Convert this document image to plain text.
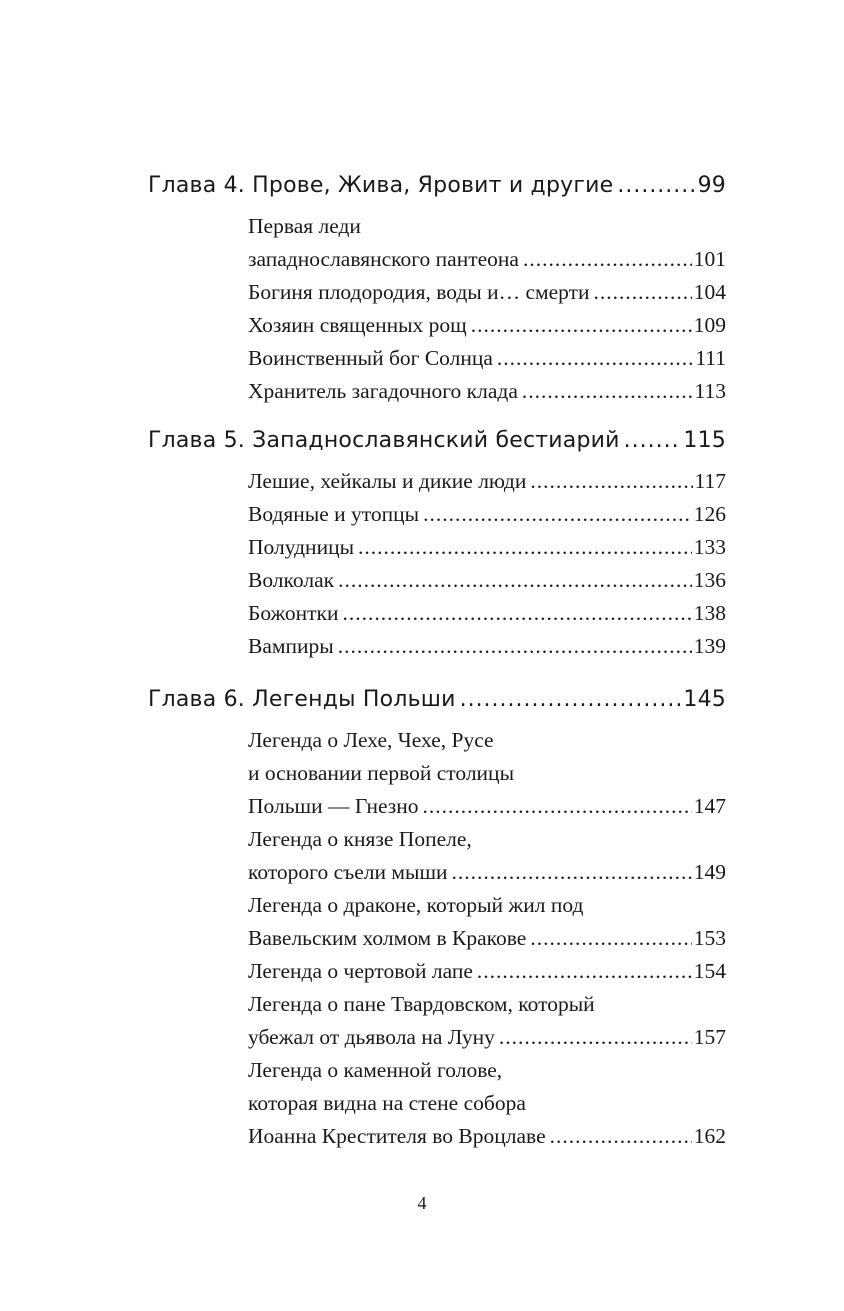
Глава 4. Прове, Жива, Яровит и другие .....	99
Первая леди
западнославянского пантеона .....	101
Богиня плодородия, воды и… смерти .....	104
Хозяин священных рощ .....	109
Воинственный бог Солнца .....	111
Хранитель загадочного клада .....	113
Глава 5. Западнославянский бестиарий .....	115
Лешие, хейкалы и дикие люди .....	117
Водяные и утопцы .....	126
Полудницы .....	133
Волколак .....	136
Божонтки .....	138
Вампиры .....	139
Глава 6. Легенды Польши .....	145
Легенда о Лехе, Чехе, Русе
и основании первой столицы
Польши — Гнезно .....	147
Легенда о князе Попеле,
которого съели мыши .....	149
Легенда о драконе, который жил под
Вавельским холмом в Кракове .....	153
Легенда о чертовой лапе .....	154
Легенда о пане Твардовском, который
убежал от дьявола на Луну .....	157
Легенда о каменной голове,
которая видна на стене собора
Иоанна Крестителя во Вроцлаве .....	162
4
